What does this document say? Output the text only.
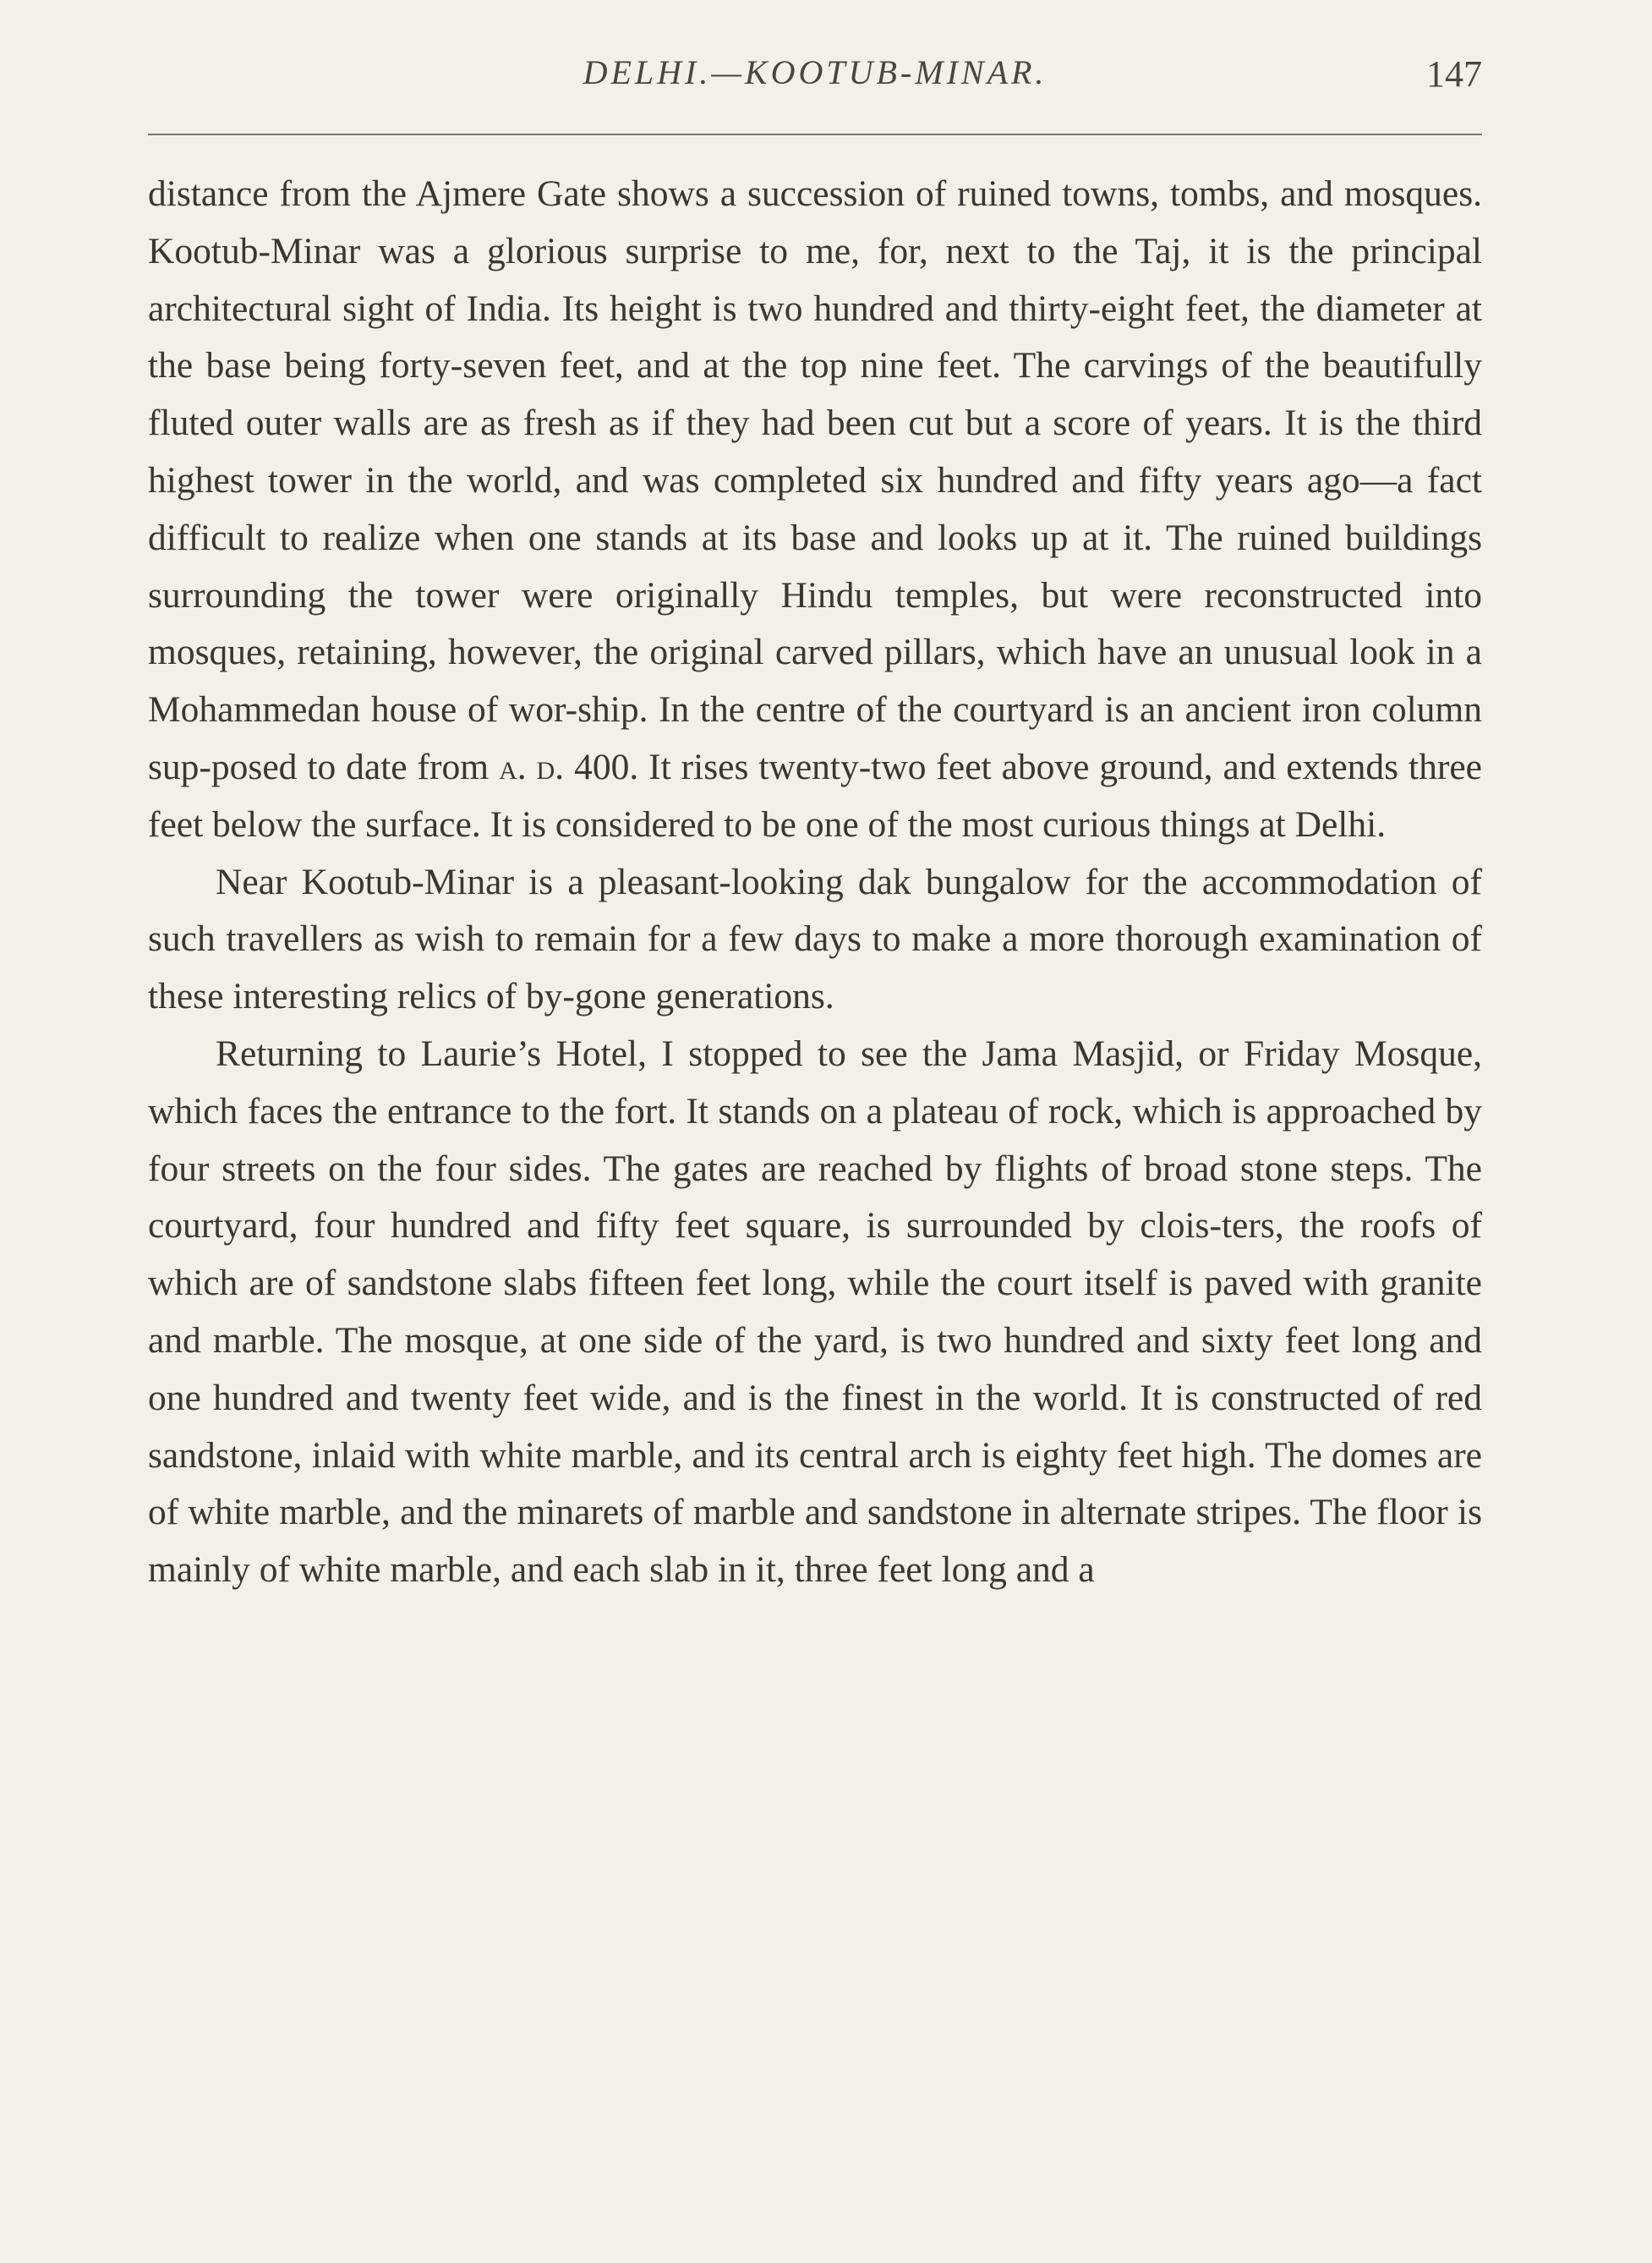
DELHI.—KOOTUB-MINAR.	147

distance from the Ajmere Gate shows a succession of ruined towns, tombs, and mosques. Kootub-Minar was a glorious surprise to me, for, next to the Taj, it is the principal architectural sight of India. Its height is two hundred and thirty-eight feet, the diameter at the base being forty-seven feet, and at the top nine feet. The carvings of the beautifully fluted outer walls are as fresh as if they had been cut but a score of years. It is the third highest tower in the world, and was completed six hundred and fifty years ago—a fact difficult to realize when one stands at its base and looks up at it. The ruined buildings surrounding the tower were originally Hindu temples, but were reconstructed into mosques, retaining, however, the original carved pillars, which have an unusual look in a Mohammedan house of wor-ship. In the centre of the courtyard is an ancient iron column sup-posed to date from a. d. 400. It rises twenty-two feet above ground, and extends three feet below the surface. It is considered to be one of the most curious things at Delhi.

Near Kootub-Minar is a pleasant-looking dak bungalow for the accommodation of such travellers as wish to remain for a few days to make a more thorough examination of these interesting relics of by-gone generations.

Returning to Laurie’s Hotel, I stopped to see the Jama Masjid, or Friday Mosque, which faces the entrance to the fort. It stands on a plateau of rock, which is approached by four streets on the four sides. The gates are reached by flights of broad stone steps. The courtyard, four hundred and fifty feet square, is surrounded by clois-ters, the roofs of which are of sandstone slabs fifteen feet long, while the court itself is paved with granite and marble. The mosque, at one side of the yard, is two hundred and sixty feet long and one hundred and twenty feet wide, and is the finest in the world. It is constructed of red sandstone, inlaid with white marble, and its central arch is eighty feet high. The domes are of white marble, and the minarets of marble and sandstone in alternate stripes. The floor is mainly of white marble, and each slab in it, three feet long and a
